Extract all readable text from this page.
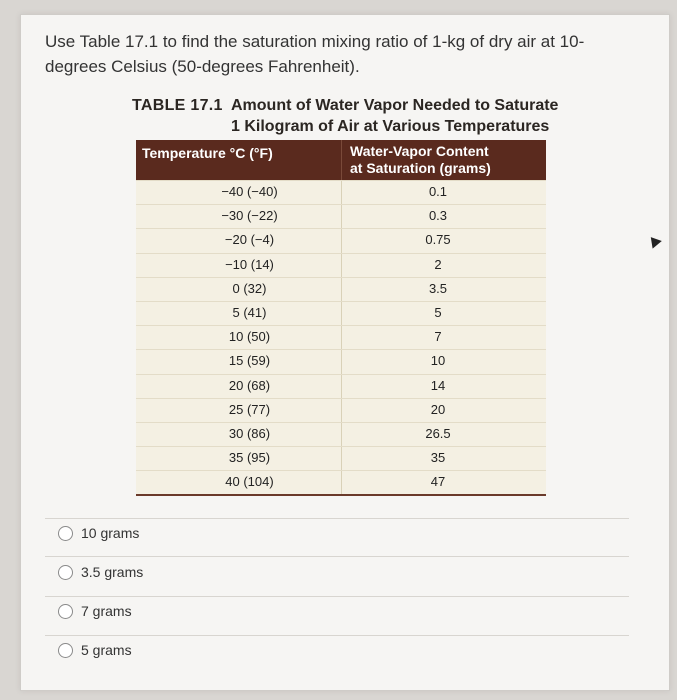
Use Table 17.1 to find the saturation mixing ratio of 1-kg of dry air at 10-degrees Celsius (50-degrees Fahrenheit).
TABLE 17.1 Amount of Water Vapor Needed to Saturate
1 Kilogram of Air at Various Temperatures
Temperature °C (°F)	Water-Vapor Content
at Saturation (grams)
−40 (−40)	0.1
−30 (−22)	0.3
−20 (−4)	0.75
−10 (14)	2
0 (32)	3.5
5 (41)	5
10 (50)	7
15 (59)	10
20 (68)	14
25 (77)	20
30 (86)	26.5
35 (95)	35
40 (104)	47
10 grams
3.5 grams
7 grams
5 grams
